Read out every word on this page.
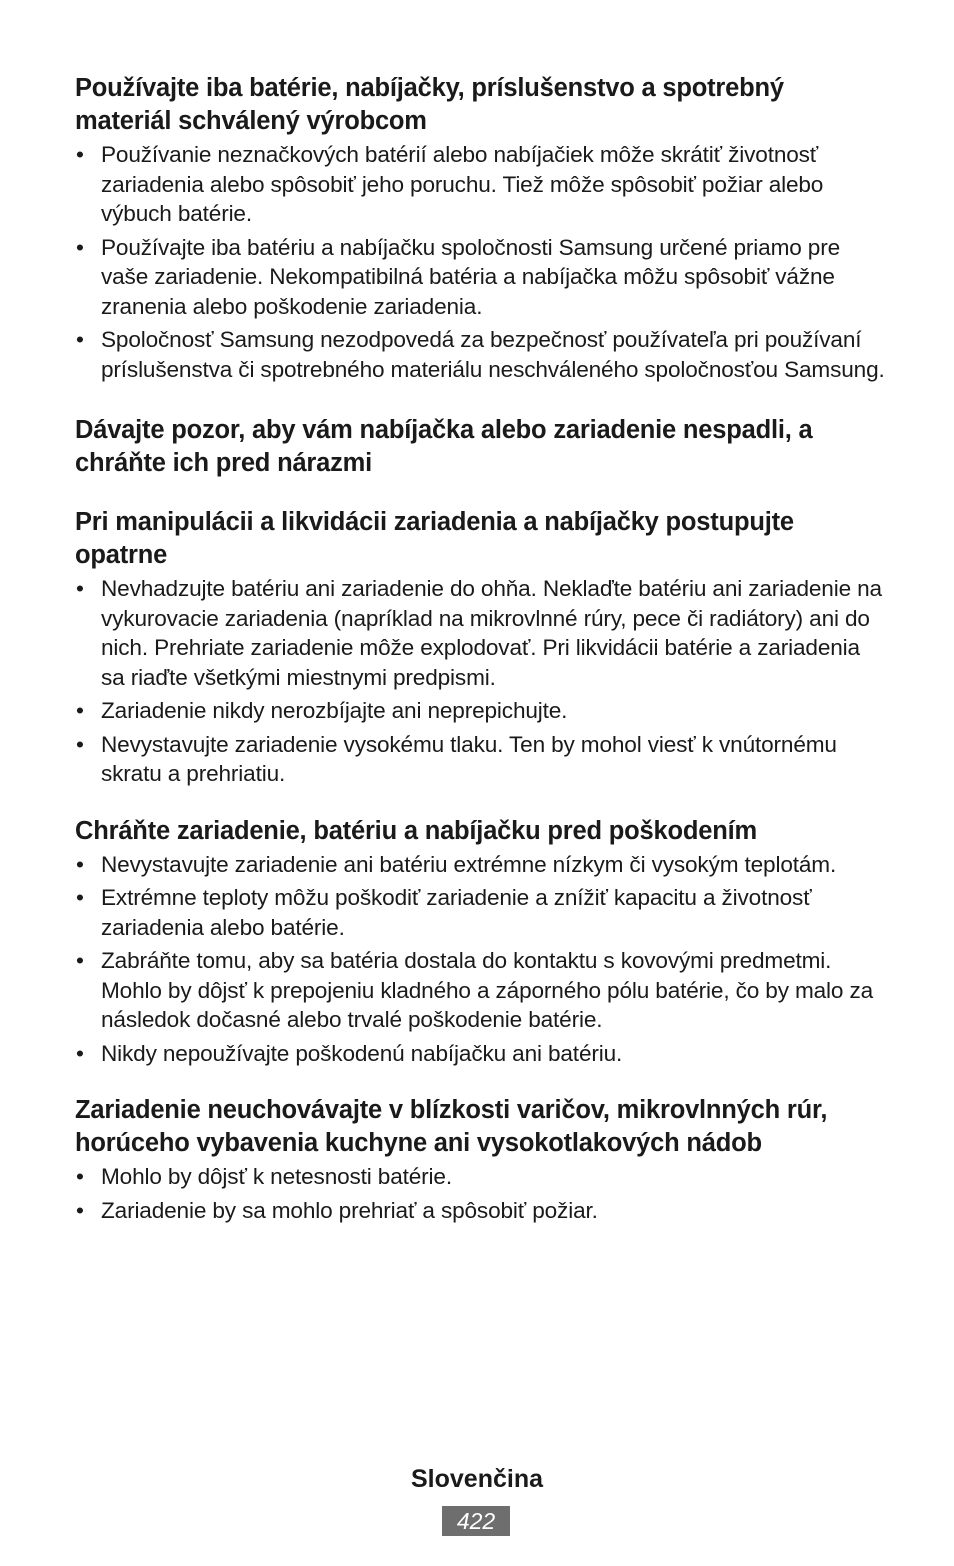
Používajte iba batérie, nabíjačky, príslušenstvo a spotrebný materiál schválený výrobcom
• Používanie neznačkových batérií alebo nabíjačiek môže skrátiť životnosť zariadenia alebo spôsobiť jeho poruchu. Tiež môže spôsobiť požiar alebo výbuch batérie.
• Používajte iba batériu a nabíjačku spoločnosti Samsung určené priamo pre vaše zariadenie. Nekompatibilná batéria a nabíjačka môžu spôsobiť vážne zranenia alebo poškodenie zariadenia.
• Spoločnosť Samsung nezodpovedá za bezpečnosť používateľa pri používaní príslušenstva či spotrebného materiálu neschváleného spoločnosťou Samsung.
Dávajte pozor, aby vám nabíjačka alebo zariadenie nespadli, a chráňte ich pred nárazmi
Pri manipulácii a likvidácii zariadenia a nabíjačky postupujte opatrne
• Nevhadzujte batériu ani zariadenie do ohňa. Neklaďte batériu ani zariadenie na vykurovacie zariadenia (napríklad na mikrovlnné rúry, pece či radiátory) ani do nich. Prehriate zariadenie môže explodovať. Pri likvidácii batérie a zariadenia sa riaďte všetkými miestnymi predpismi.
• Zariadenie nikdy nerozbíjajte ani neprepichujte.
• Nevystavujte zariadenie vysokému tlaku. Ten by mohol viesť k vnútornému skratu a prehriatiu.
Chráňte zariadenie, batériu a nabíjačku pred poškodením
• Nevystavujte zariadenie ani batériu extrémne nízkym či vysokým teplotám.
• Extrémne teploty môžu poškodiť zariadenie a znížiť kapacitu a životnosť zariadenia alebo batérie.
• Zabráňte tomu, aby sa batéria dostala do kontaktu s kovovými predmetmi. Mohlo by dôjsť k prepojeniu kladného a záporného pólu batérie, čo by malo za následok dočasné alebo trvalé poškodenie batérie.
• Nikdy nepoužívajte poškodenú nabíjačku ani batériu.
Zariadenie neuchovávajte v blízkosti varičov, mikrovlnných rúr, horúceho vybavenia kuchyne ani vysokotlakových nádob
• Mohlo by dôjsť k netesnosti batérie.
• Zariadenie by sa mohlo prehriať a spôsobiť požiar.
Slovenčina
422
